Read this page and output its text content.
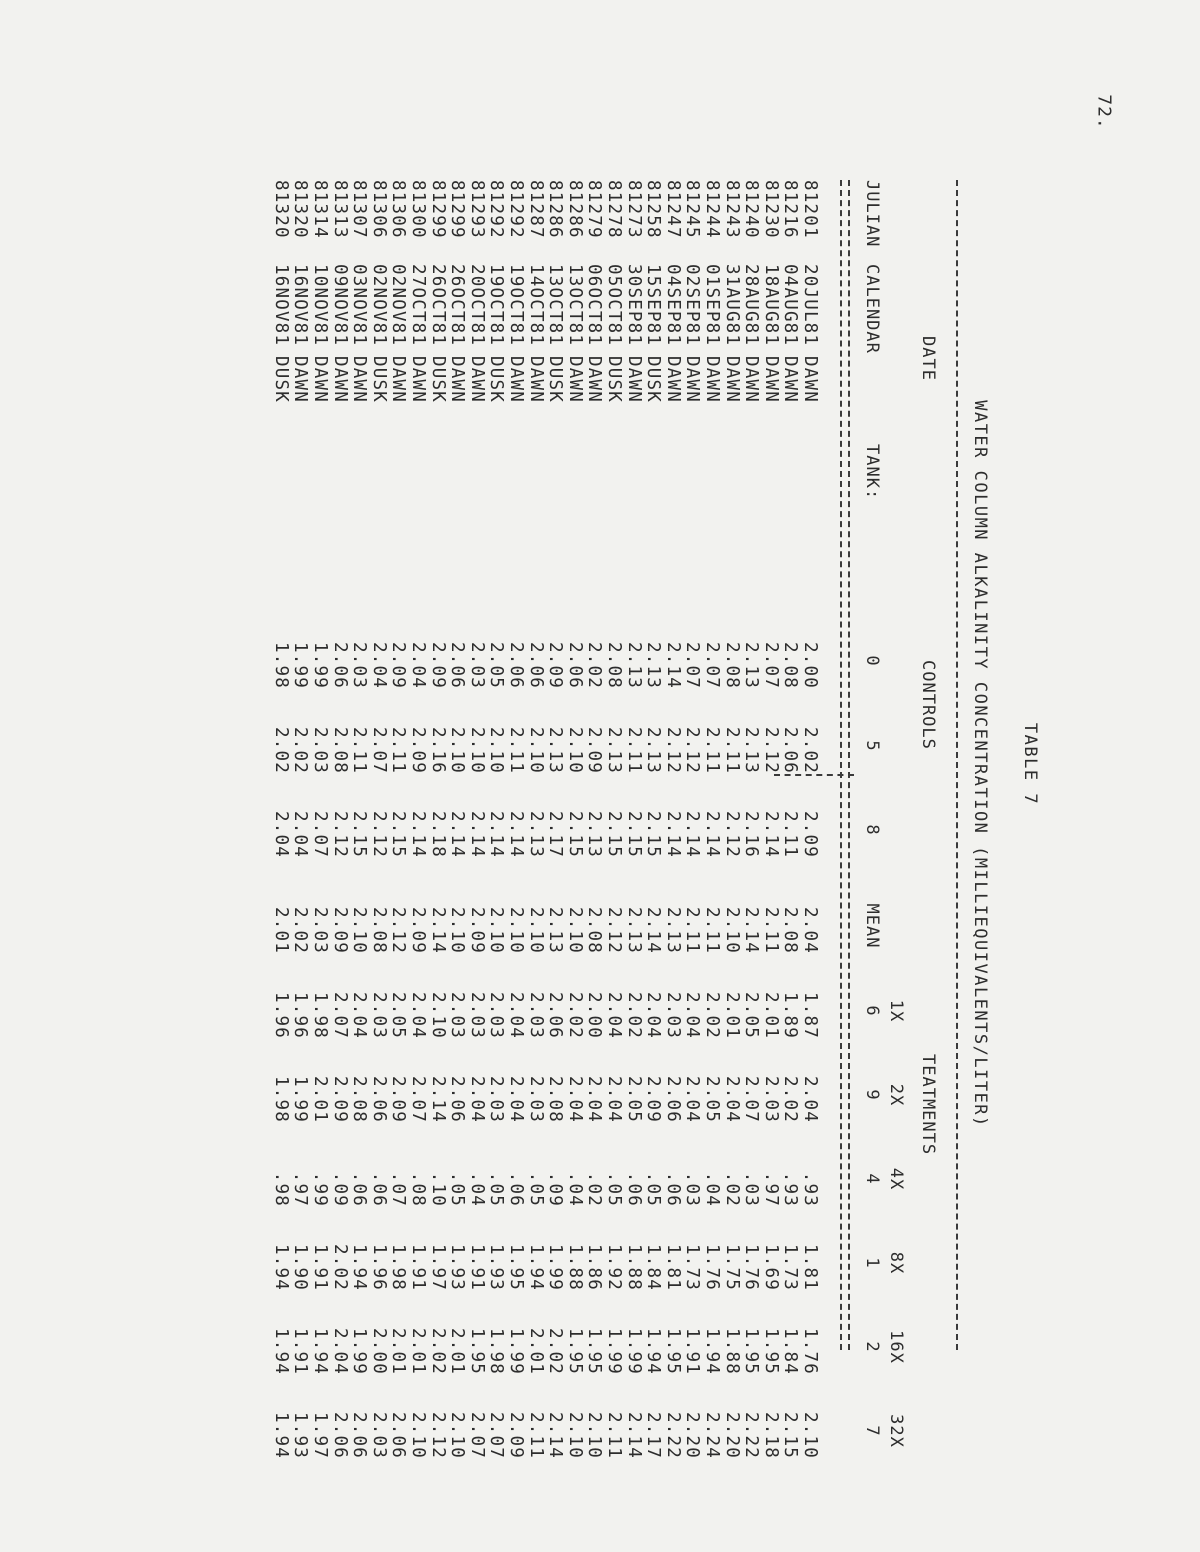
72.
TABLE 7
WATER COLUMN ALKALINITY CONCENTRATION (MILLIEQUIVALENTS/LITER)
DATE
CONTROLS
TEATMENTS
JULIAN
CALENDAR
TANK:
0
5
8
MEAN
1X
6
2X
9
4X
4
8X
1
16X
2
32X
7
81201
20JUL81
DAWN
2.00
2.02
2.09
2.04
1.87
2.04
.93
1.81
1.76
2.10
81216
04AUG81
DAWN
2.08
2.06
2.11
2.08
1.89
2.02
.93
1.73
1.84
2.15
81230
18AUG81
DAWN
2.07
2.12
2.14
2.11
2.01
2.03
.97
1.69
1.95
2.18
81240
28AUG81
DAWN
2.13
2.13
2.16
2.14
2.05
2.07
.03
1.76
1.95
2.22
81243
31AUG81
DAWN
2.08
2.11
2.12
2.10
2.01
2.04
.02
1.75
1.88
2.20
81244
01SEP81
DAWN
2.07
2.11
2.14
2.11
2.02
2.05
.04
1.76
1.94
2.24
81245
02SEP81
DAWN
2.07
2.12
2.14
2.11
2.04
2.04
.03
1.73
1.91
2.20
81247
04SEP81
DAWN
2.14
2.12
2.14
2.13
2.03
2.06
.06
1.81
1.95
2.22
81258
15SEP81
DUSK
2.13
2.13
2.15
2.14
2.04
2.09
.05
1.84
1.94
2.17
81273
30SEP81
DAWN
2.13
2.11
2.15
2.13
2.02
2.05
.06
1.88
1.99
2.14
81278
05OCT81
DUSK
2.08
2.13
2.15
2.12
2.04
2.04
.05
1.92
1.99
2.11
81279
06OCT81
DAWN
2.02
2.09
2.13
2.08
2.00
2.04
.02
1.86
1.95
2.10
81286
13OCT81
DAWN
2.06
2.10
2.15
2.10
2.02
2.04
.04
1.88
1.95
2.10
81286
13OCT81
DUSK
2.09
2.13
2.17
2.13
2.06
2.08
.09
1.99
2.02
2.14
81287
14OCT81
DAWN
2.06
2.10
2.13
2.10
2.03
2.03
.05
1.94
2.01
2.11
81292
19OCT81
DAWN
2.06
2.11
2.14
2.10
2.04
2.04
.06
1.95
1.99
2.09
81292
19OCT81
DUSK
2.05
2.10
2.14
2.10
2.03
2.03
.05
1.93
1.98
2.07
81293
20OCT81
DAWN
2.03
2.10
2.14
2.09
2.03
2.04
.04
1.91
1.95
2.07
81299
26OCT81
DAWN
2.06
2.10
2.14
2.10
2.03
2.06
.05
1.93
2.01
2.10
81299
26OCT81
DUSK
2.09
2.16
2.18
2.14
2.10
2.14
.10
1.97
2.02
2.12
81300
27OCT81
DAWN
2.04
2.09
2.14
2.09
2.04
2.07
.08
1.91
2.01
2.10
81306
02NOV81
DAWN
2.09
2.11
2.15
2.12
2.05
2.09
.07
1.98
2.01
2.06
81306
02NOV81
DUSK
2.04
2.07
2.12
2.08
2.03
2.06
.06
1.96
2.00
2.03
81307
03NOV81
DAWN
2.03
2.11
2.15
2.10
2.04
2.08
.06
1.94
1.99
2.06
81313
09NOV81
DAWN
2.06
2.08
2.12
2.09
2.07
2.09
.09
2.02
2.04
2.06
81314
10NOV81
DAWN
1.99
2.03
2.07
2.03
1.98
2.01
.99
1.91
1.94
1.97
81320
16NOV81
DAWN
1.99
2.02
2.04
2.02
1.96
1.99
.97
1.90
1.91
1.93
81320
16NOV81
DUSK
1.98
2.02
2.04
2.01
1.96
1.98
.98
1.94
1.94
1.94
